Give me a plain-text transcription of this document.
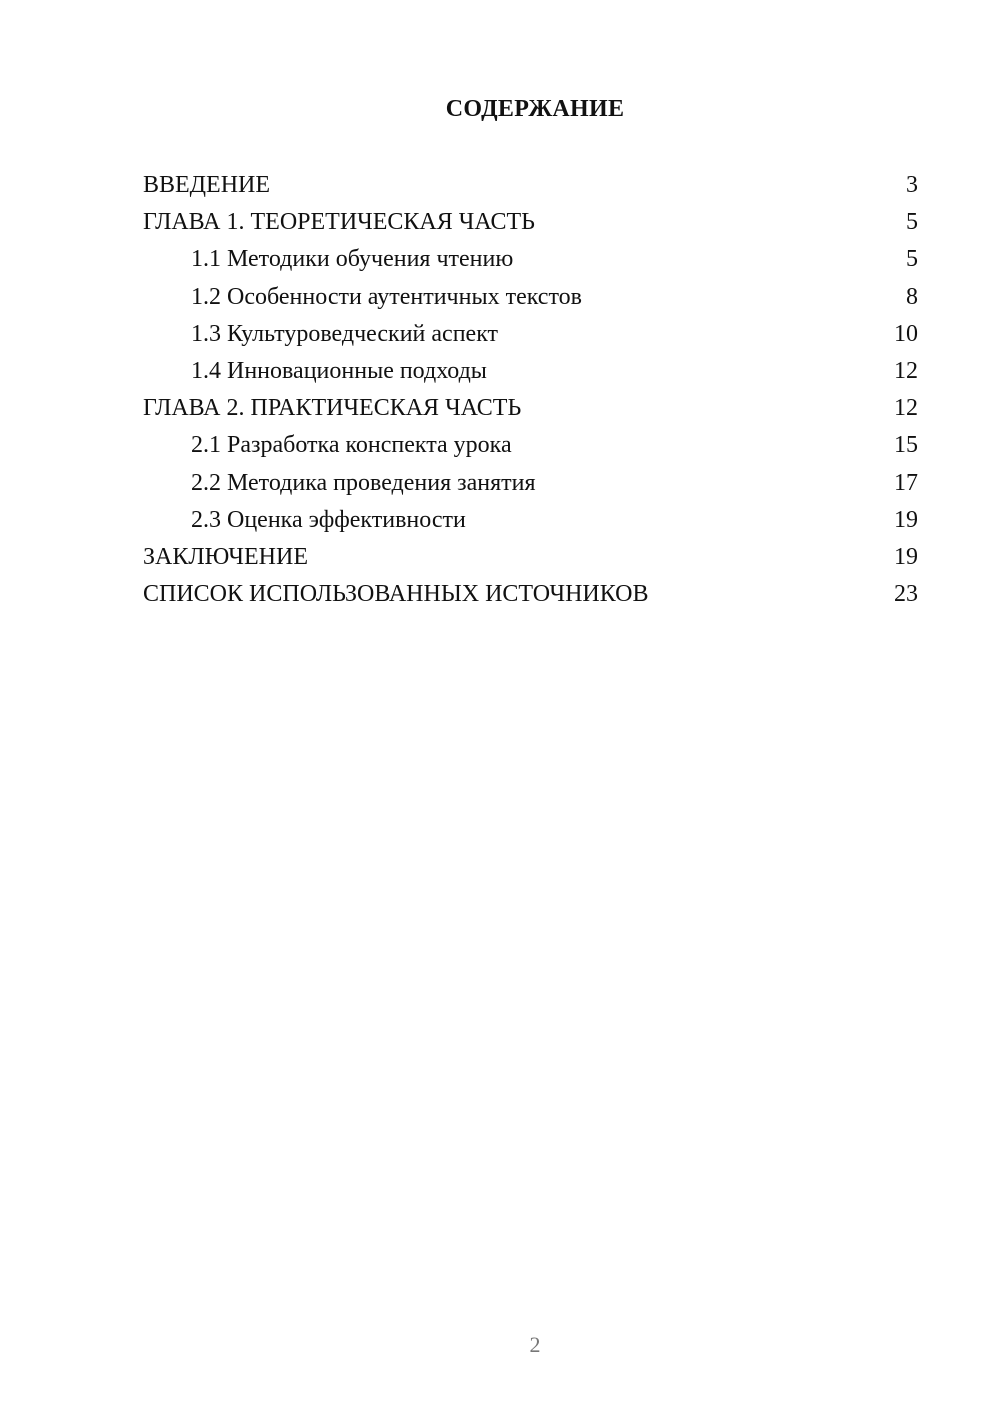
СОДЕРЖАНИЕ
ВВЕДЕНИЕ	3
ГЛАВА 1. ТЕОРЕТИЧЕСКАЯ ЧАСТЬ	5
1.1 Методики обучения чтению	5
1.2 Особенности аутентичных текстов	8
1.3 Культуроведческий аспект	10
1.4 Инновационные подходы	12
ГЛАВА 2. ПРАКТИЧЕСКАЯ ЧАСТЬ	12
2.1 Разработка конспекта урока	15
2.2 Методика проведения занятия	17
2.3 Оценка эффективности	19
ЗАКЛЮЧЕНИЕ	19
СПИСОК ИСПОЛЬЗОВАННЫХ ИСТОЧНИКОВ	23
2
